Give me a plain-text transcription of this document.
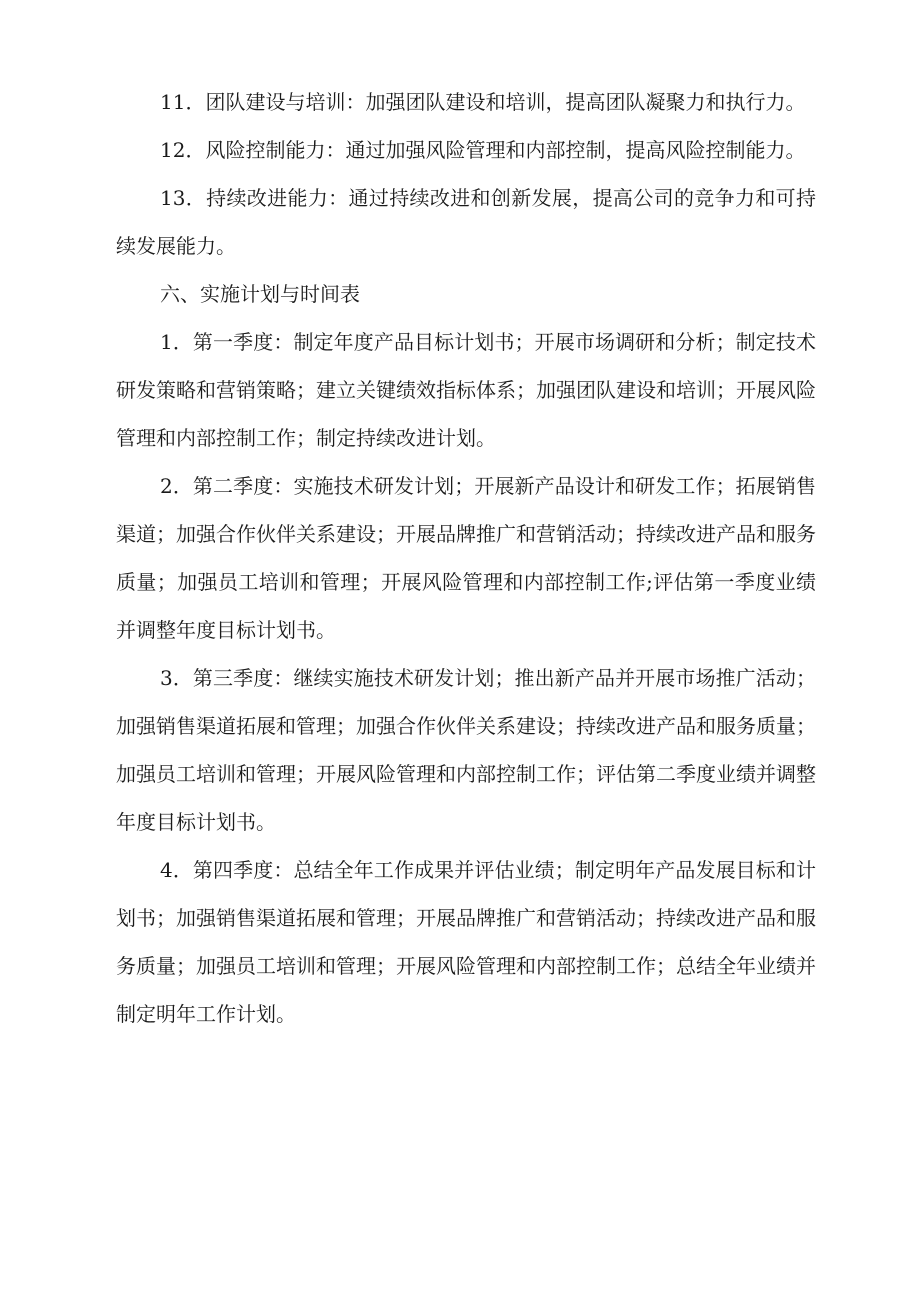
11．团队建设与培训：加强团队建设和培训，提高团队凝聚力和执行力。

12．风险控制能力：通过加强风险管理和内部控制，提高风险控制能力。

13．持续改进能力：通过持续改进和创新发展，提高公司的竞争力和可持续发展能力。

六、实施计划与时间表

1．第一季度：制定年度产品目标计划书；开展市场调研和分析；制定技术研发策略和营销策略；建立关键绩效指标体系；加强团队建设和培训；开展风险管理和内部控制工作；制定持续改进计划。

2．第二季度：实施技术研发计划；开展新产品设计和研发工作；拓展销售渠道；加强合作伙伴关系建设；开展品牌推广和营销活动；持续改进产品和服务质量；加强员工培训和管理；开展风险管理和内部控制工作;评估第一季度业绩并调整年度目标计划书。

3．第三季度：继续实施技术研发计划；推出新产品并开展市场推广活动；加强销售渠道拓展和管理；加强合作伙伴关系建设；持续改进产品和服务质量；加强员工培训和管理；开展风险管理和内部控制工作；评估第二季度业绩并调整年度目标计划书。

4．第四季度：总结全年工作成果并评估业绩；制定明年产品发展目标和计划书；加强销售渠道拓展和管理；开展品牌推广和营销活动；持续改进产品和服务质量；加强员工培训和管理；开展风险管理和内部控制工作；总结全年业绩并制定明年工作计划。
